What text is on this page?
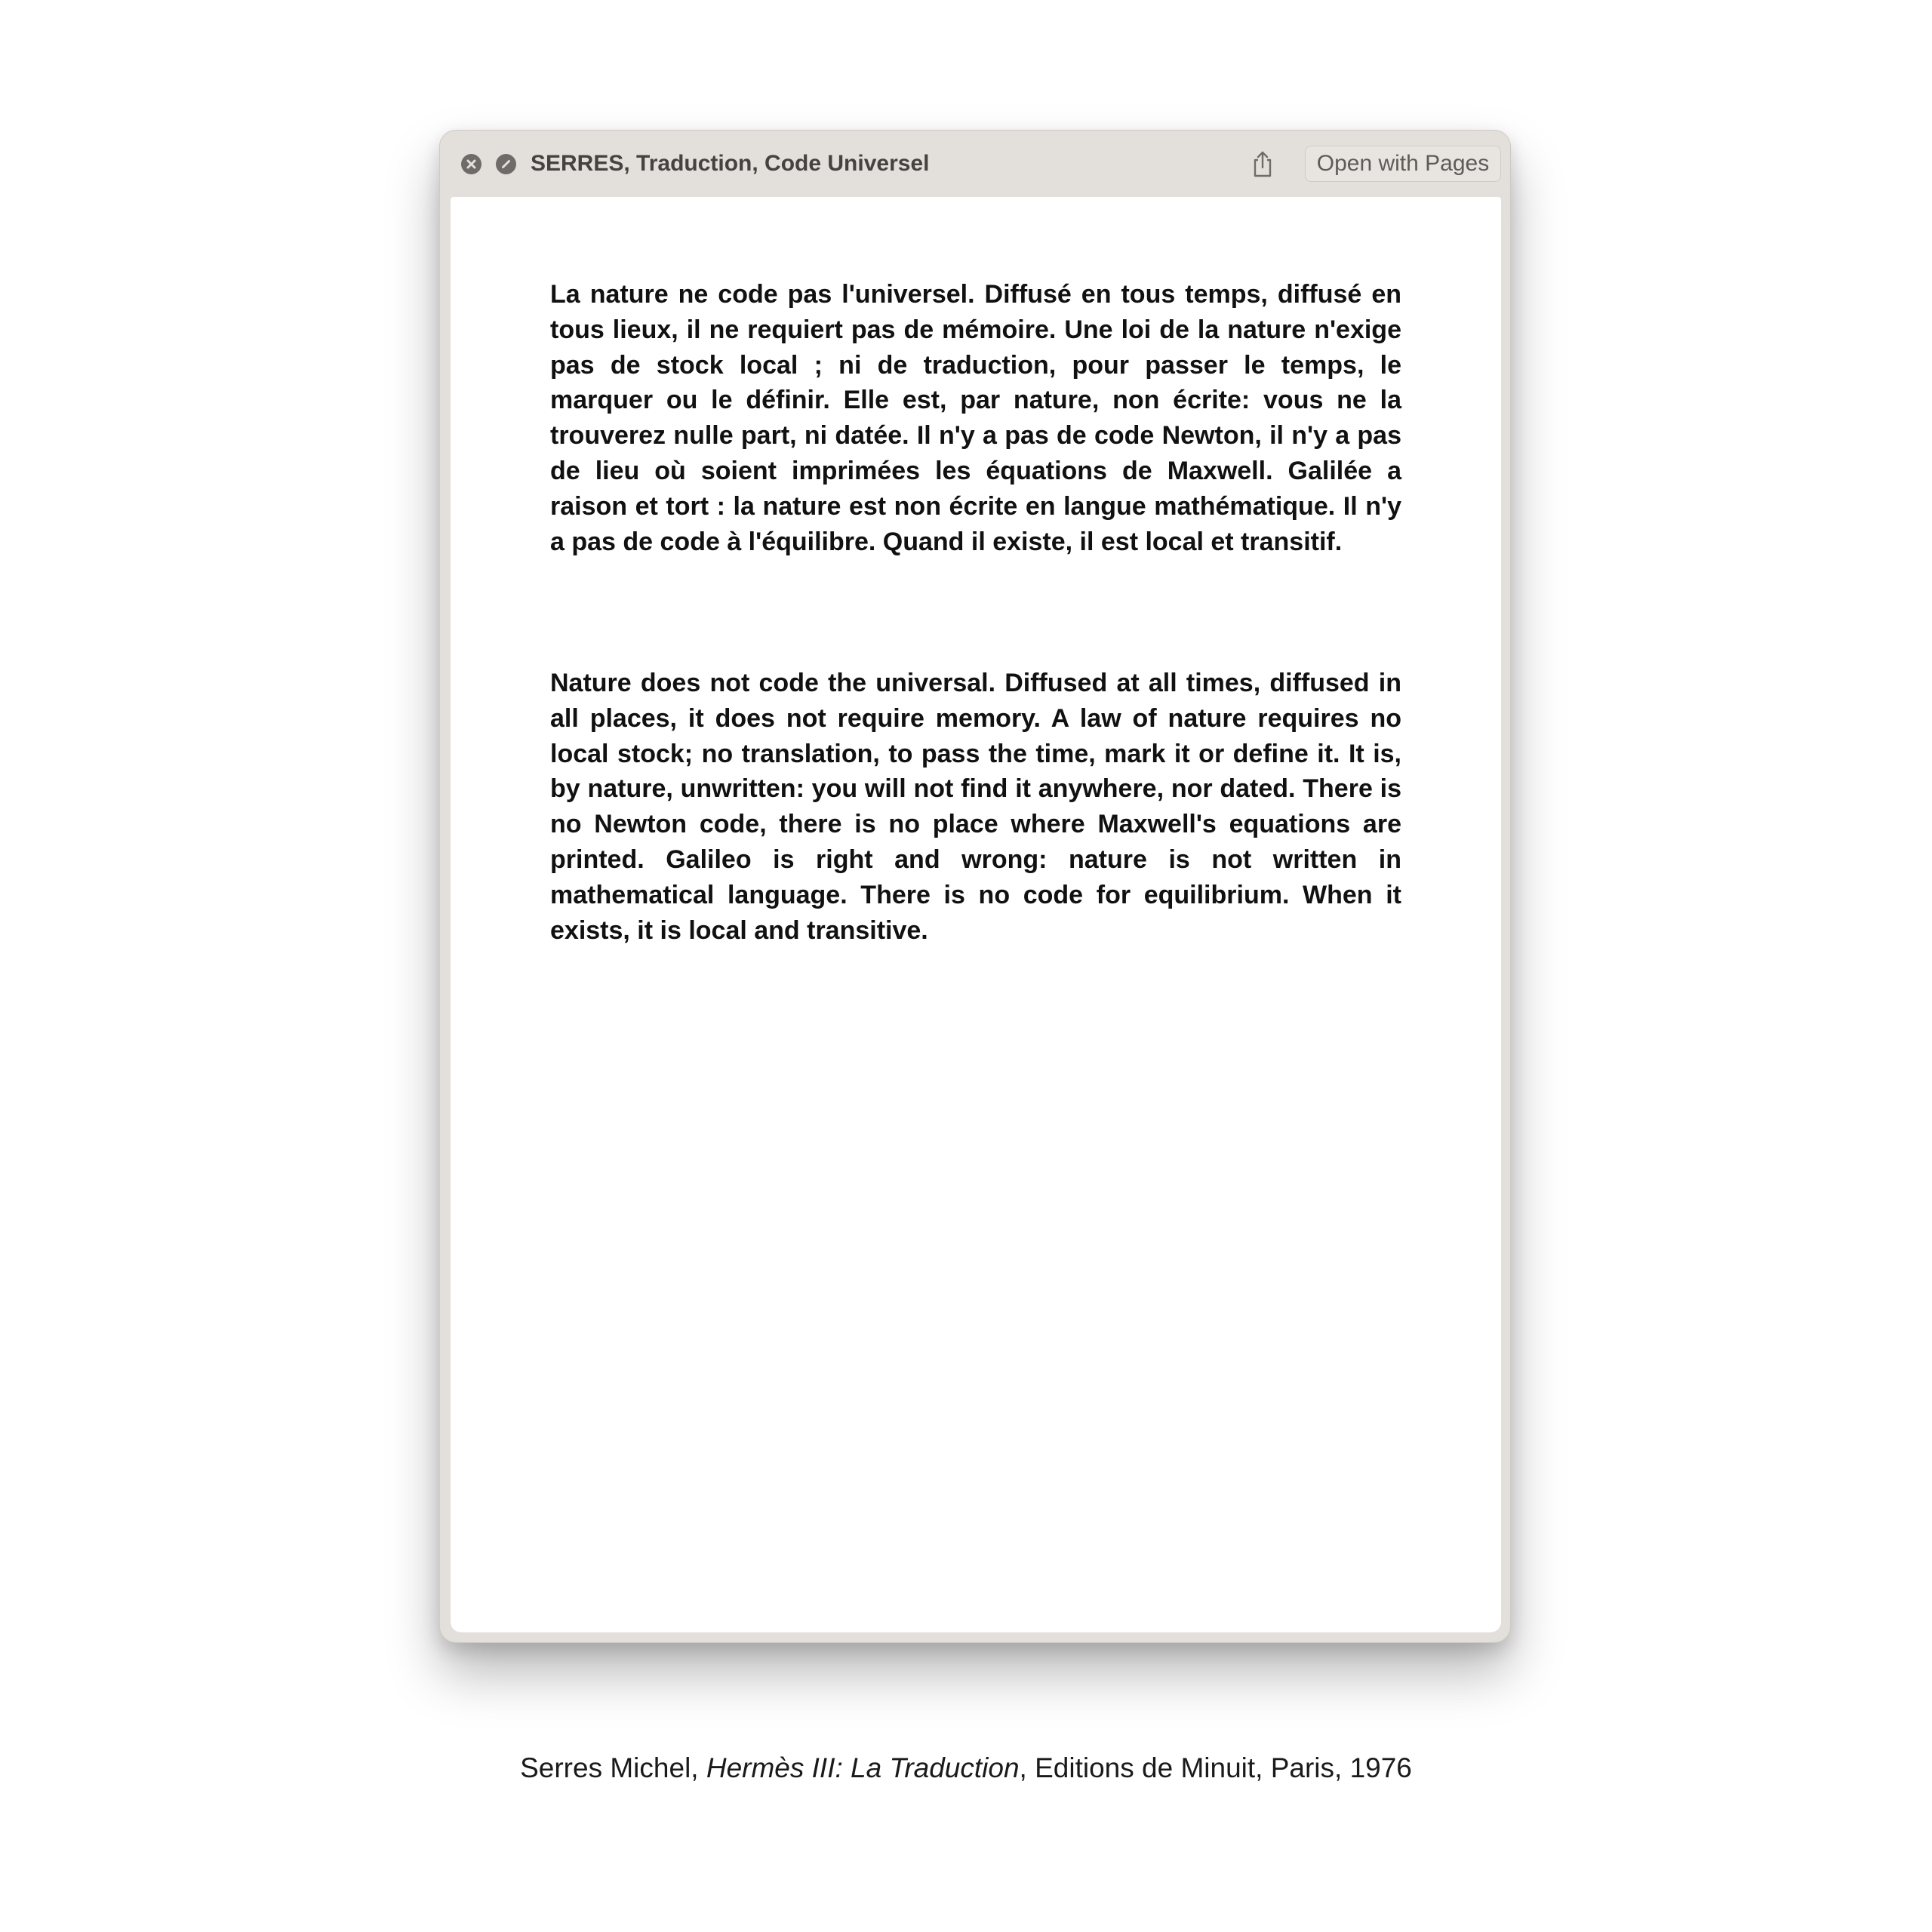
SERRES, Traduction, Code Universel	Open with Pages

La nature ne code pas l'universel. Diffusé en tous temps, diffusé en tous lieux, il ne requiert pas de mémoire. Une loi de la nature n'exige pas de stock local ; ni de traduction, pour passer le temps, le marquer ou le définir. Elle est, par nature, non écrite: vous ne la trouverez nulle part, ni datée. Il n'y a pas de code Newton, il n'y a pas de lieu où soient imprimées les équations de Maxwell. Galilée a raison et tort : la nature est non écrite en langue mathématique. Il n'y a pas de code à l'équilibre. Quand il existe, il est local et transitif.

Nature does not code the universal. Diffused at all times, diffused in all places, it does not require memory. A law of nature requires no local stock; no translation, to pass the time, mark it or define it. It is, by nature, unwritten: you will not find it anywhere, nor dated. There is no Newton code, there is no place where Maxwell's equations are printed. Galileo is right and wrong: nature is not written in mathematical language. There is no code for equilibrium. When it exists, it is local and transitive.

Serres Michel, Hermès III: La Traduction, Editions de Minuit, Paris, 1976
